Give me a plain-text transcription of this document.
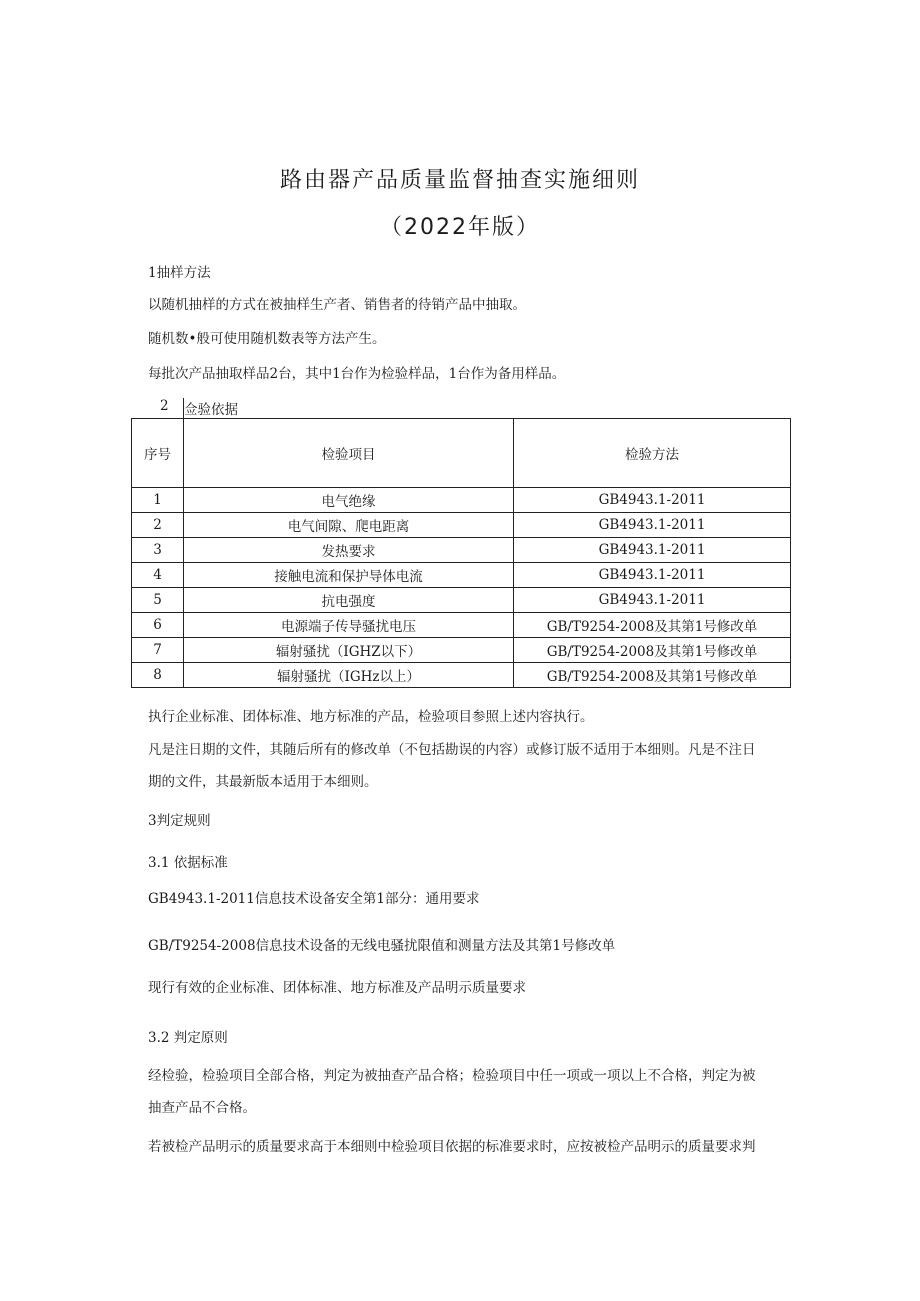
路由器产品质量监督抽查实施细则
（2022年版）
1抽样方法
以随机抽样的方式在被抽样生产者、销售者的待销产品中抽取。
随机数•般可使用随机数表等方法产生。
每批次产品抽取样品2台，其中1台作为检验样品，1台作为备用样品。
2 佥验依据
序号	检验项目	检验方法
1	电气绝缘	GB4943.1-2011
2	电气间隙、爬电距离	GB4943.1-2011
3	发热要求	GB4943.1-2011
4	接触电流和保护导体电流	GB4943.1-2011
5	抗电强度	GB4943.1-2011
6	电源端子传导骚扰电压	GB/T9254-2008及其第1号修改单
7	辐射骚扰（IGHZ以下）	GB/T9254-2008及其第1号修改单
8	辐射骚扰（IGHz以上）	GB/T9254-2008及其第1号修改单
执行企业标准、团体标准、地方标准的产品，检验项目参照上述内容执行。
凡是注日期的文件，其随后所有的修改单（不包括勘误的内容）或修订版不适用于本细则。凡是不注日
期的文件，其最新版本适用于本细则。
3判定规则
3.1 依据标准
GB4943.1-2011信息技术设备安全第1部分：通用要求
GB/T9254-2008信息技术设备的无线电骚扰限值和测量方法及其第1号修改单
现行有效的企业标准、团体标准、地方标准及产品明示质量要求
3.2 判定原则
经检验，检验项目全部合格，判定为被抽查产品合格；检验项目中任一项或一项以上不合格，判定为被
抽查产品不合格。
若被检产品明示的质量要求高于本细则中检验项目依据的标准要求时，应按被检产品明示的质量要求判
